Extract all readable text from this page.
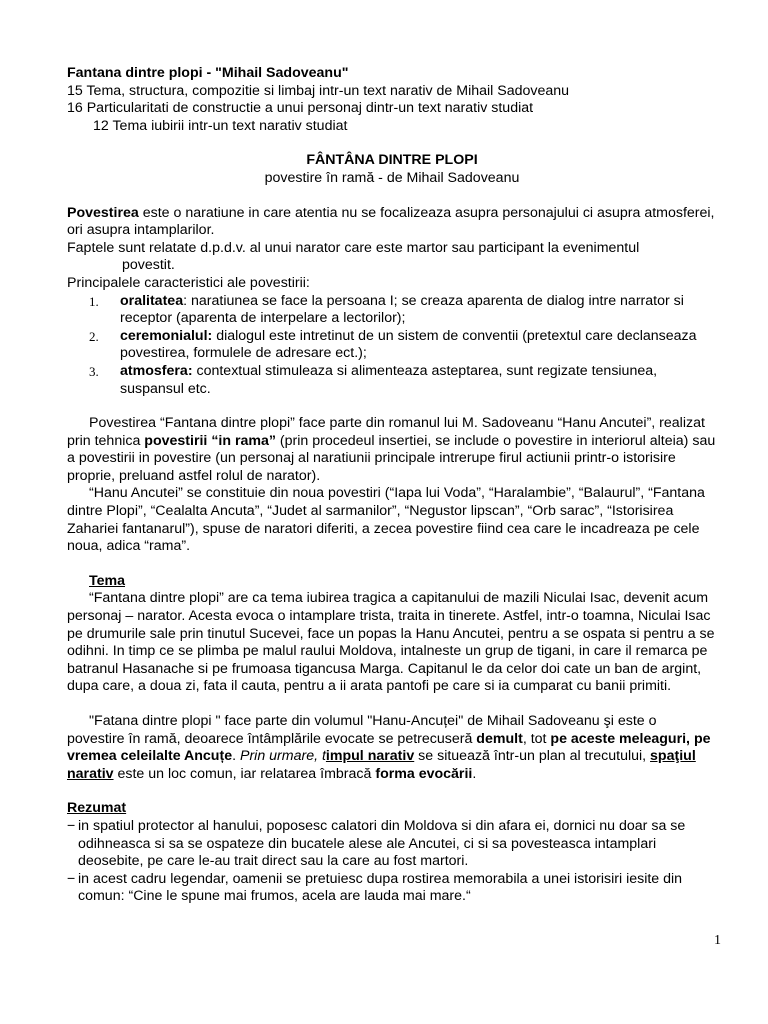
Fantana dintre plopi - "Mihail Sadoveanu"

15 Tema, structura, compozitie si limbaj intr-un text narativ de Mihail Sadoveanu

16 Particularitati de constructie a unui personaj dintr-un text narativ studiat

12 Tema iubirii intr-un text narativ studiat

FÂNTÂNA DINTRE PLOPI

povestire în ramă - de Mihail Sadoveanu

Povestirea este o naratiune in care atentia nu se focalizeaza asupra personajului ci asupra atmosferei, ori asupra intamplarilor.

Faptele sunt relatate d.p.d.v. al unui narator care este martor sau participant la evenimentul

povestit.

Principalele caracteristici ale povestirii:

1.	oralitatea: naratiunea se face la persoana I; se creaza aparenta de dialog intre narrator si receptor (aparenta de interpelare a lectorilor);
2.	ceremonialul: dialogul este intretinut de un sistem de conventii (pretextul care declanseaza povestirea, formulele de adresare ect.);
3.	atmosfera: contextual stimuleaza si alimenteaza asteptarea, sunt regizate tensiunea, suspansul etc.

Povestirea “Fantana dintre plopi” face parte din romanul lui M. Sadoveanu “Hanu Ancutei”, realizat prin tehnica povestirii “in rama” (prin procedeul insertiei, se include o povestire in interiorul alteia) sau a povestirii in povestire (un personaj al naratiunii principale intrerupe firul actiunii printr-o istorisire proprie, preluand astfel rolul de narator).

“Hanu Ancutei” se constituie din noua povestiri (“Iapa lui Voda”, “Haralambie”, “Balaurul”, “Fantana dintre Plopi”, “Cealalta Ancuta”, “Judet al sarmanilor”, “Negustor lipscan”, “Orb sarac”, “Istorisirea Zahariei fantanarul”), spuse de naratori diferiti, a zecea povestire fiind cea care le incadreaza pe cele noua, adica “rama”.

Tema

“Fantana dintre plopi” are ca tema iubirea tragica a capitanului de mazili Niculai Isac, devenit acum personaj – narator. Acesta evoca o intamplare trista, traita in tinerete. Astfel, intr-o toamna, Niculai Isac pe drumurile sale prin tinutul Sucevei, face un popas la Hanu Ancutei, pentru a se ospata si pentru a se odihni. In timp ce se plimba pe malul raului Moldova, intalneste un grup de tigani, in care il remarca pe batranul Hasanache si pe frumoasa tigancusa Marga. Capitanul le da celor doi cate un ban de argint, dupa care, a doua zi, fata il cauta, pentru a ii arata pantofi pe care si ia cumparat cu banii primiti.

"Fatana dintre plopi " face parte din volumul "Hanu-Ancuței" de Mihail Sadoveanu şi este o povestire în ramă, deoarece întâmplările evocate se petrecuseră demult, tot pe aceste meleaguri, pe vremea celeilalte Ancuțe. Prin urmare, timpul narativ se situează într-un plan al trecutului, spaţiul narativ este un loc comun, iar relatarea îmbracă forma evocării.

Rezumat

− in spatiul protector al hanului, poposesc calatori din Moldova si din afara ei, dornici nu doar sa se odihneasca si sa se ospateze din bucatele alese ale Ancutei, ci si sa povesteasca intamplari deosebite, pe care le-au trait direct sau la care au fost martori.
− in acest cadru legendar, oamenii se pretuiesc dupa rostirea memorabila a unei istorisiri iesite din comun: “Cine le spune mai frumos, acela are lauda mai mare.“
1
